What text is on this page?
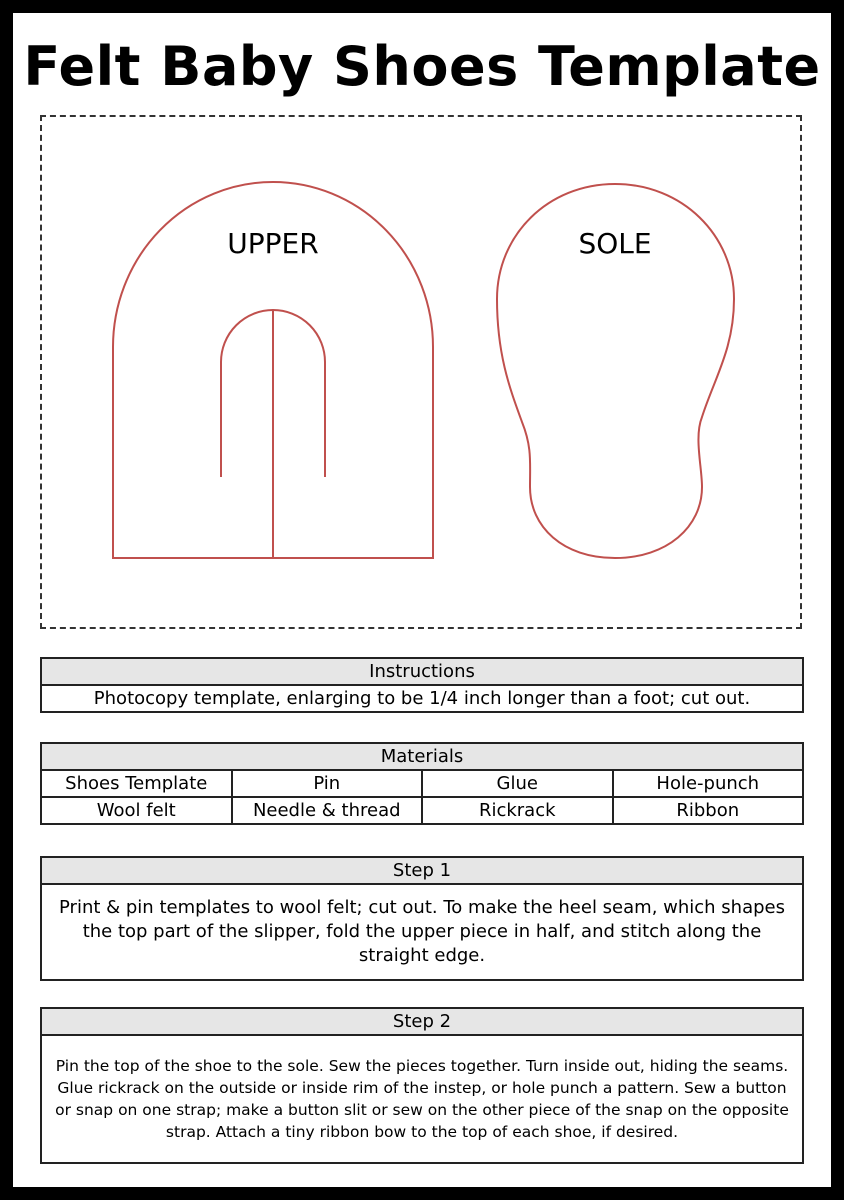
Felt Baby Shoes Template
UPPER	SOLE
Instructions
Photocopy template, enlarging to be 1/4 inch longer than a foot; cut out.
Materials			
Shoes Template	Pin	Glue	Hole-punch
Wool felt	Needle & thread	Rickrack	Ribbon
Step 1
Print & pin templates to wool felt; cut out. To make the heel seam, which shapes the top part of the slipper, fold the upper piece in half, and stitch along the straight edge.
Step 2
Pin the top of the shoe to the sole. Sew the pieces together. Turn inside out, hiding the seams. Glue rickrack on the outside or inside rim of the instep, or hole punch a pattern. Sew a button or snap on one strap; make a button slit or sew on the other piece of the snap on the opposite strap. Attach a tiny ribbon bow to the top of each shoe, if desired.
